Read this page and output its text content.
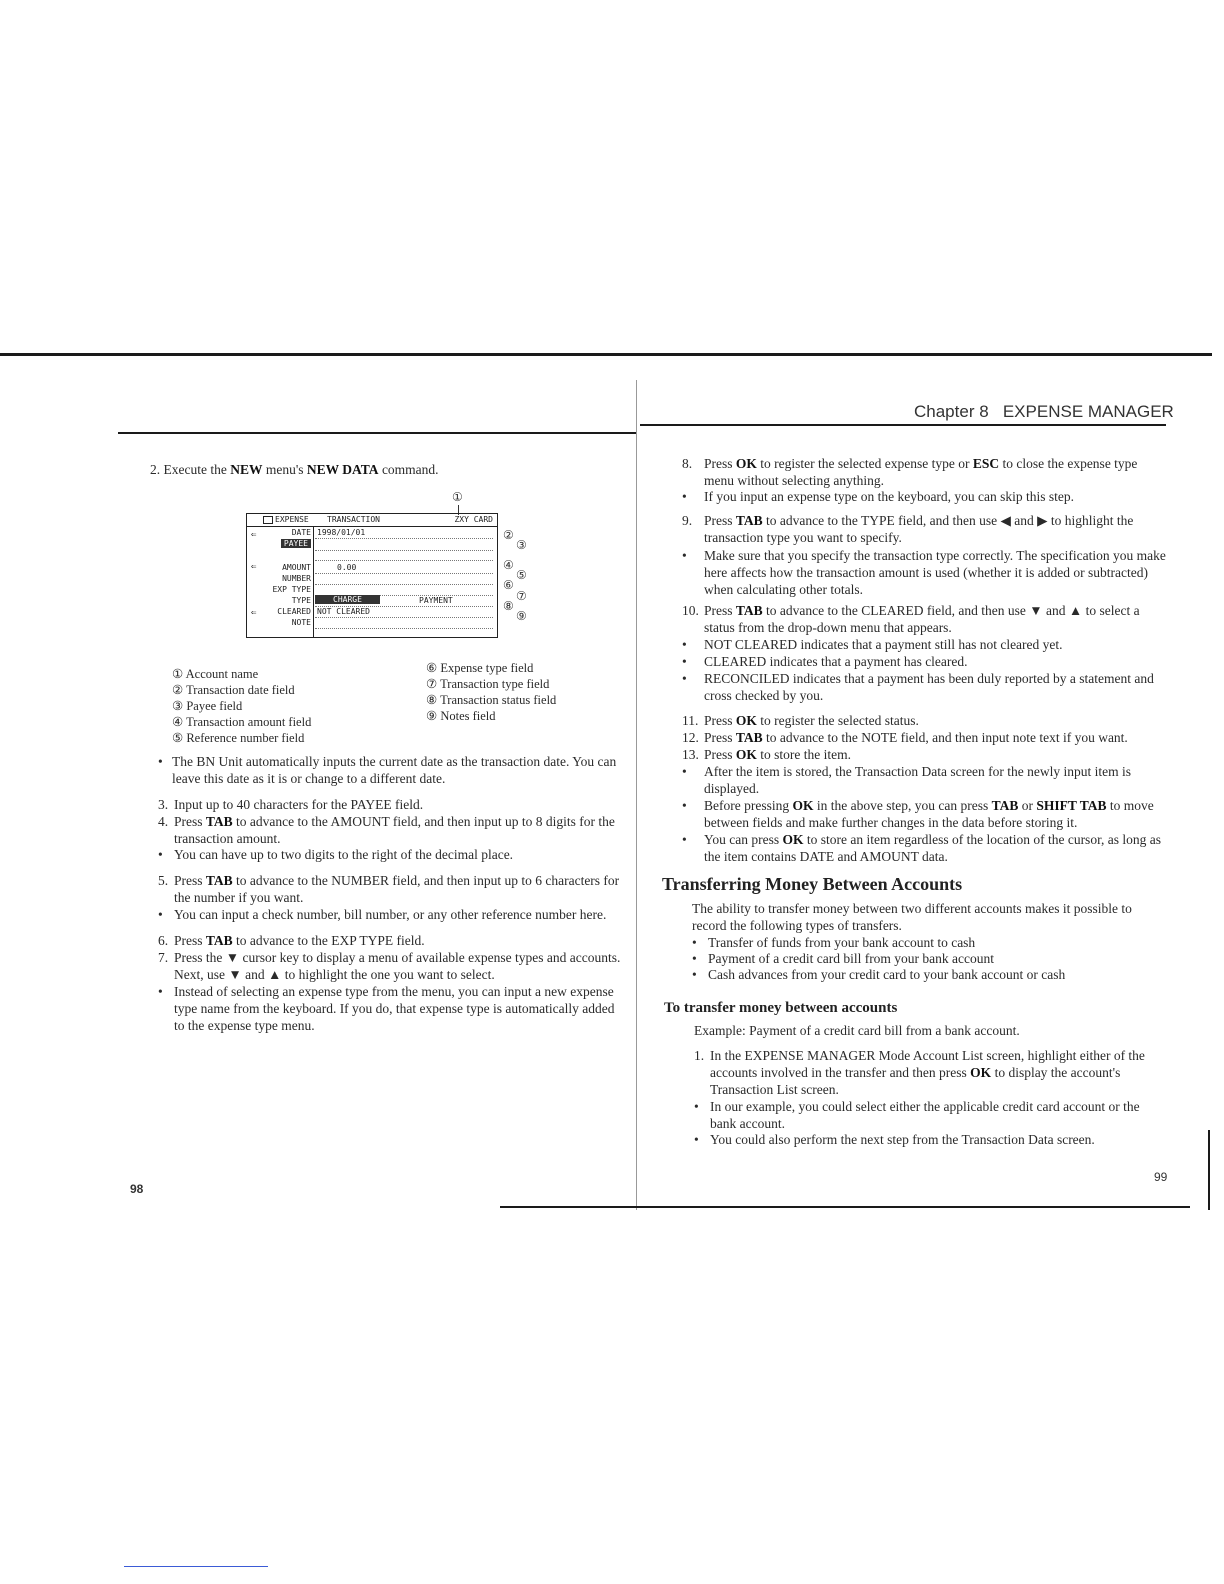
Chapter 8 EXPENSE MANAGER
2. Execute the NEW menu's NEW DATA command.
①
EXPENSE TRANSACTION	ZXY CARD
DATE 1998/01/01
PAYEE
AMOUNT	0.00
NUMBER
EXP TYPE
TYPE	CHARGE	PAYMENT
CLEARED NOT CLEARED
NOTE
⇐
⇐
⇐
②
③
④
⑤
⑥
⑦
⑧
⑨
① Account name
② Transaction date field
③ Payee field
④ Transaction amount field
⑤ Reference number field
⑥ Expense type field
⑦ Transaction type field
⑧ Transaction status field
⑨ Notes field
• The BN Unit automatically inputs the current date as the transaction date. You can leave this date as it is or change to a different date.
3. Input up to 40 characters for the PAYEE field.
4. Press TAB to advance to the AMOUNT field, and then input up to 8 digits for the transaction amount.
• You can have up to two digits to the right of the decimal place.
5. Press TAB to advance to the NUMBER field, and then input up to 6 characters for the number if you want.
• You can input a check number, bill number, or any other reference number here.
6. Press TAB to advance to the EXP TYPE field.
7. Press the ▼ cursor key to display a menu of available expense types and accounts. Next, use ▼ and ▲ to highlight the one you want to select.
• Instead of selecting an expense type from the menu, you can input a new expense type name from the keyboard. If you do, that expense type is automatically added to the expense type menu.
98
8. Press OK to register the selected expense type or ESC to close the expense type menu without selecting anything.
• If you input an expense type on the keyboard, you can skip this step.
9. Press TAB to advance to the TYPE field, and then use ◀ and ▶ to highlight the transaction type you want to specify.
• Make sure that you specify the transaction type correctly. The specification you make here affects how the transaction amount is used (whether it is added or subtracted) when calculating other totals.
10. Press TAB to advance to the CLEARED field, and then use ▼ and ▲ to select a status from the drop-down menu that appears.
• NOT CLEARED indicates that a payment still has not cleared yet.
• CLEARED indicates that a payment has cleared.
• RECONCILED indicates that a payment has been duly reported by a statement and cross checked by you.
11. Press OK to register the selected status.
12. Press TAB to advance to the NOTE field, and then input note text if you want.
13. Press OK to store the item.
• After the item is stored, the Transaction Data screen for the newly input item is displayed.
• Before pressing OK in the above step, you can press TAB or SHIFT TAB to move between fields and make further changes in the data before storing it.
• You can press OK to store an item regardless of the location of the cursor, as long as the item contains DATE and AMOUNT data.
Transferring Money Between Accounts
The ability to transfer money between two different accounts makes it possible to record the following types of transfers.
• Transfer of funds from your bank account to cash
• Payment of a credit card bill from your bank account
• Cash advances from your credit card to your bank account or cash
To transfer money between accounts
Example: Payment of a credit card bill from a bank account.
1. In the EXPENSE MANAGER Mode Account List screen, highlight either of the accounts involved in the transfer and then press OK to display the account's Transaction List screen.
• In our example, you could select either the applicable credit card account or the bank account.
• You could also perform the next step from the Transaction Data screen.
99
